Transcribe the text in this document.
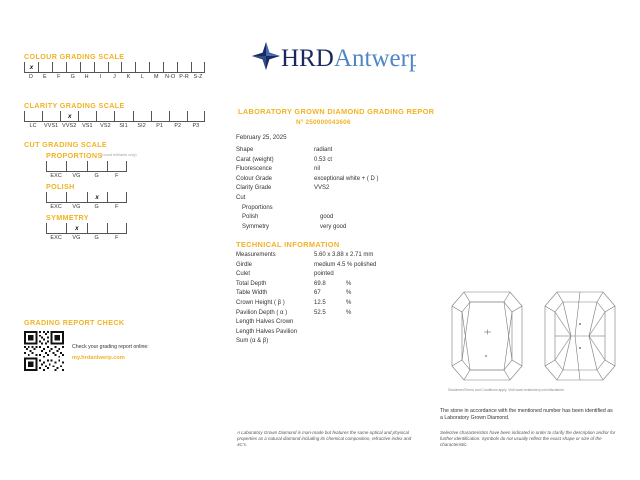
HRD Antwerp
COLOUR GRADING SCALE
x
D	E	F	G	H	I	J	K	L	M	N-O P-R S-Z
CLARITY GRADING SCALE
x
LC	VVS1 VVS2	VS1	VS2	SI1	SI2	P1	P2	P3
CUT GRADING SCALE
PROPORTIONS
(round brilliants only)
EXC	VG	G	F
POLISH
x
EXC	VG	G	F
SYMMETRY
x
EXC	VG	G	F
GRADING REPORT CHECK
Check your grading report online:
my.hrdantwerp.com
LABORATORY GROWN DIAMOND GRADING REPOR
N° 250000043606
February 25, 2025
Shape	radiant
Carat (weight)	0.53 ct
Fluorescence	nil
Colour Grade	exceptional white + ( D )
Clarity Grade	VVS2
Cut
Proportions
Polish	good
Symmetry	very good
TECHNICAL INFORMATION
Measurements	5.60 x 3.88 x 2.71 mm
Girdle	medium 4.5 % polished
Culet	pointed
Total Depth	69.8	%
Table Width	67	%
Crown Height ( β )	12.5	%
Pavilion Depth ( α )	52.5	%
Length Halves Crown
Length Halves Pavilion
Sum (α & β)
Disclaimer/Terms and Conditions apply. Visit www.hrdantwerp.com/disclaimer
The stone in accordance with the mentioned number has been identified as a Laboratory Grown Diamond.
A Laboratory Grown Diamond is man-made but features the same optical and physical properties as a natural diamond including its chemical composition, refractive index and 4C's.
Selective characteristics have been indicated in order to clarify the description and/or for further identification. Symbols do not usually reflect the exact shape or size of the characteristic.
